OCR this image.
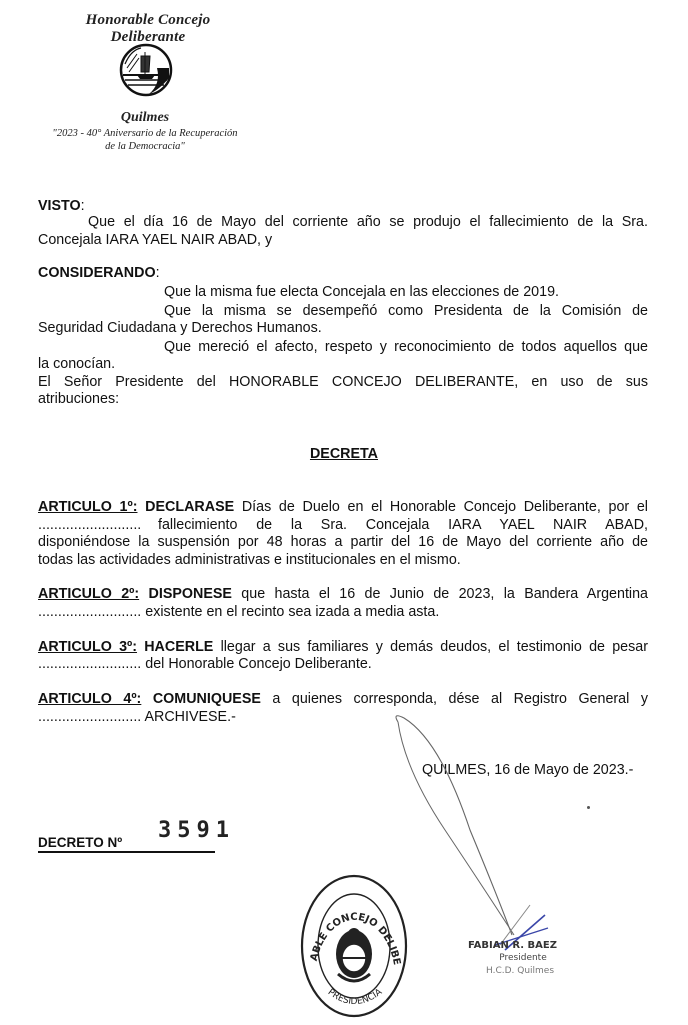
Honorable Concejo Deliberante
Quilmes
"2023 - 40° Aniversario de la Recuperación
de la Democracia"
VISTO:
Que el día 16 de Mayo del corriente año se produjo el fallecimiento de la Sra.
Concejala IARA YAEL NAIR ABAD, y
CONSIDERANDO:
Que la misma fue electa Concejala en las elecciones de 2019.
Que la misma se desempeñó como Presidenta de la Comisión de
Seguridad Ciudadana y Derechos Humanos.
Que mereció el afecto, respeto y reconocimiento de todos aquellos que
la conocían.
El Señor Presidente del HONORABLE CONCEJO DELIBERANTE, en uso de sus
atribuciones:
DECRETA
ARTICULO 1º: DECLARASE Días de Duelo en el Honorable Concejo Deliberante, por el
.......................... fallecimiento de la Sra. Concejala IARA YAEL NAIR ABAD,
disponiéndose la suspensión por 48 horas a partir del 16 de Mayo del corriente año de
todas las actividades administrativas e institucionales en el mismo.
ARTICULO 2º: DISPONESE que hasta el 16 de Junio de 2023, la Bandera Argentina
.......................... existente en el recinto sea izada a media asta.
ARTICULO 3º: HACERLE llegar a sus familiares y demás deudos, el testimonio de pesar
.......................... del Honorable Concejo Deliberante.
ARTICULO 4º: COMUNIQUESE a quienes corresponda, dése al Registro General y
.......................... ARCHIVESE.-
QUILMES, 16 de Mayo de 2023.-
DECRETO Nº 3591
ABLE CONCEJO DELIBE
PRESIDENCIA
FABIAN R. BAEZ
Presidente
H.C.D. Quilmes
